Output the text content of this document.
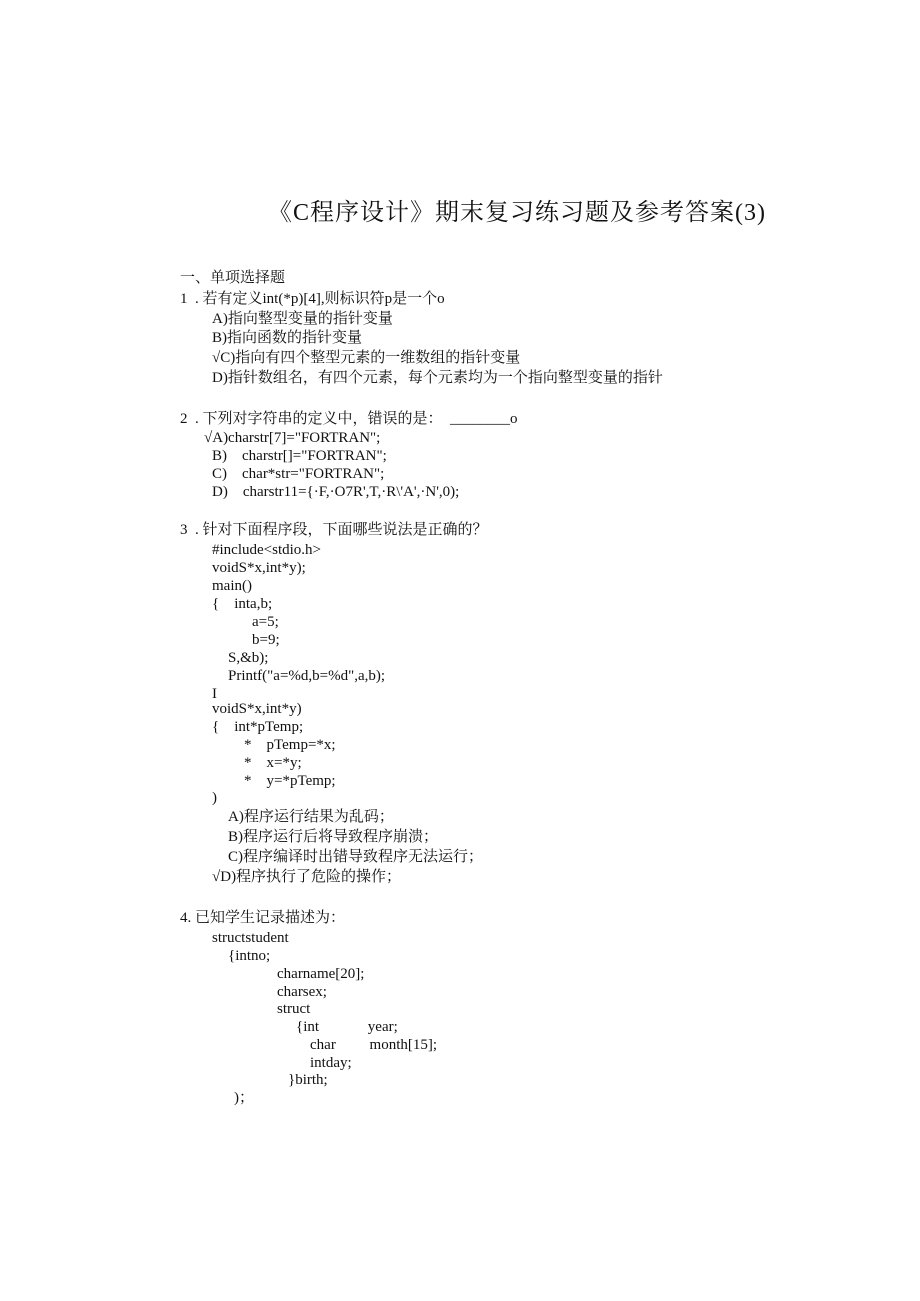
《C程序设计》期末复习练习题及参考答案(3)
一、单项选择题
1  . 若有定义int(*p)[4],则标识符p是一个o
A)指向整型变量的指针变量
B)指向函数的指针变量
√C)指向有四个整型元素的一维数组的指针变量
D)指针数组名，有四个元素，每个元素均为一个指向整型变量的指针
2  . 下列对字符串的定义中，错误的是：  ________o
√A)charstr[7]="FORTRAN";
B)    charstr[]="FORTRAN";
C)    char*str="FORTRAN";
D)    charstr11={·F,·O7R',T,·R\'A',·N',0);
3  . 针对下面程序段，下面哪些说法是正确的？
#include<stdio.h>
voidS*x,int*y);
main()
{    inta,b;
a=5;
b=9;
S,&b);
Printf("a=%d,b=%d",a,b);
I
voidS*x,int*y)
{    int*pTemp;
*    pTemp=*x;
*    x=*y;
*    y=*pTemp;
)
A)程序运行结果为乱码；
B)程序运行后将导致程序崩溃；
C)程序编译时出错导致程序无法运行；
√D)程序执行了危险的操作；
4. 已知学生记录描述为：
structstudent
{intno;
charname[20];
charsex;
struct
{int             year;
char         month[15];
intday;
}birth;
)；
